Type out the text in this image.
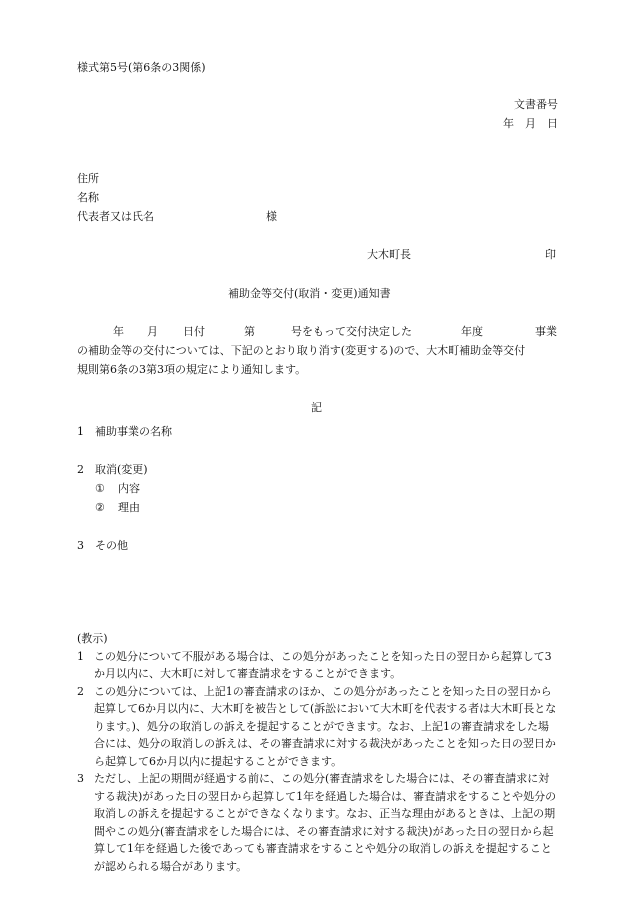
様式第5号(第6条の3関係)
文書番号
年　月　日
住所
名称
代表者又は氏名	様
大木町長	印
補助金等交付(取消・変更)通知書
年 月 日付	第	号をもって交付決定した	年度	事業
の補助金等の交付については、下記のとおり取り消す(変更する)ので、大木町補助金等交付
規則第6条の3第3項の規定により通知します。
記
1 補助事業の名称
2 取消(変更)
① 内容
② 理由
3 その他
(教示)
1 この処分について不服がある場合は、この処分があったことを知った日の翌日から起算して3か月以内に、大木町に対して審査請求をすることができます。
2 この処分については、上記1の審査請求のほか、この処分があったことを知った日の翌日から起算して6か月以内に、大木町を被告として(訴訟において大木町を代表する者は大木町長となります。)、処分の取消しの訴えを提起することができます。なお、上記1の審査請求をした場合には、処分の取消しの訴えは、その審査請求に対する裁決があったことを知った日の翌日から起算して6か月以内に提起することができます。
3 ただし、上記の期間が経過する前に、この処分(審査請求をした場合には、その審査請求に対する裁決)があった日の翌日から起算して1年を経過した場合は、審査請求をすることや処分の取消しの訴えを提起することができなくなります。なお、正当な理由があるときは、上記の期間やこの処分(審査請求をした場合には、その審査請求に対する裁決)があった日の翌日から起算して1年を経過した後であっても審査請求をすることや処分の取消しの訴えを提起することが認められる場合があります。
